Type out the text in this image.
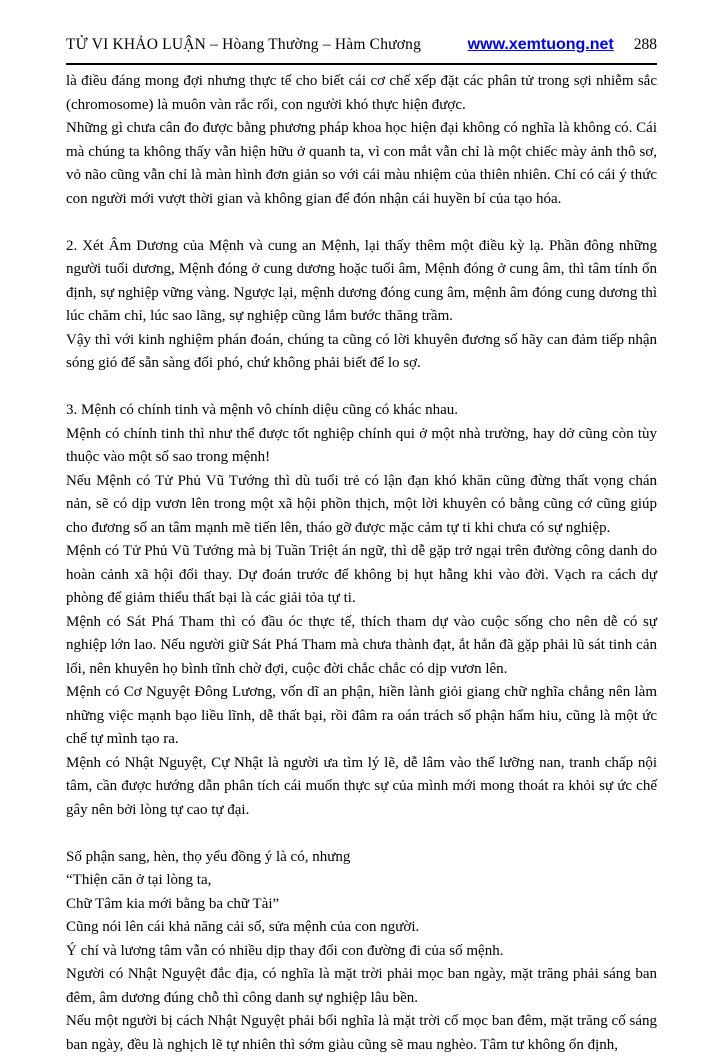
TỬ VI KHẢO LUẬN – Hòang Thường – Hàm Chương	www.xemtuong.net 288

là điều đáng mong đợi nhưng thực tế cho biết cái cơ chế xếp đặt các phân tử trong sợi nhiễm sắc (chromosome) là muôn vàn rắc rối, con người khó thực hiện được.

Những gì chưa cân đo được bằng phương pháp khoa học hiện đại không có nghĩa là không có. Cái mà chúng ta không thấy vẫn hiện hữu ở quanh ta, vì con mắt vẫn chỉ là một chiếc mày ảnh thô sơ, vỏ não cũng vẫn chỉ là màn hình đơn giản so với cái màu nhiệm của thiên nhiên. Chỉ có cái ý thức con người mới vượt thời gian và không gian để đón nhận cái huyền bí của tạo hóa.

2. Xét Âm Dương của Mệnh và cung an Mệnh, lại thấy thêm một điều kỳ lạ. Phần đông những người tuổi dương, Mệnh đóng ở cung dương hoặc tuổi âm, Mệnh đóng ở cung âm, thì tâm tính ổn định, sự nghiệp vững vàng. Ngược lại, mệnh dương đóng cung âm, mệnh âm đóng cung dương thì lúc chăm chỉ, lúc sao lãng, sự nghiệp cũng lắm bước thăng trầm.

Vậy thì với kinh nghiệm phán đoán, chúng ta cũng có lời khuyên đương số hãy can đảm tiếp nhận sóng gió để sẵn sàng đối phó, chứ không phải biết để lo sợ.

3. Mệnh có chính tinh và mệnh vô chính diệu cũng có khác nhau.

Mệnh có chính tinh thì như thể được tốt nghiệp chính qui ở một nhà trường, hay dở cũng còn tùy thuộc vào một số sao trong mệnh!

Nếu Mệnh có Tử Phủ Vũ Tướng thì dù tuổi trẻ có lận đạn khó khăn cũng đừng thất vọng chán nản, sẽ có dịp vươn lên trong một xã hội phồn thịch, một lời khuyên có bằng cũng cớ cũng giúp cho đương số an tâm mạnh mẽ tiến lên, tháo gỡ được mặc cảm tự ti khi chưa có sự nghiệp.

Mệnh có Tử Phủ Vũ Tướng mà bị Tuần Triệt án ngữ, thì dễ gặp trở ngại trên đường công danh do hoàn cảnh xã hội đổi thay. Dự đoán trước để không bị hụt hẫng khi vào đời. Vạch ra cách dự phòng để giảm thiểu thất bại là các giải tỏa tự ti.

Mệnh có Sát Phá Tham thì có đầu óc thực tế, thích tham dự vào cuộc sống cho nên dễ có sự nghiệp lớn lao. Nếu người giữ Sát Phá Tham mà chưa thành đạt, ắt hẳn đã gặp phải lũ sát tinh cản lối, nên khuyên họ bình tĩnh chờ đợi, cuộc đời chắc chắc có dịp vươn lên.

Mệnh có Cơ Nguyệt Đông Lương, vốn dĩ an phận, hiền lành giỏi giang chữ nghĩa chẳng nên làm những việc mạnh bạo liều lĩnh, dễ thất bại, rồi đâm ra oán trách số phận hẩm hiu, cũng là một ức chế tự mình tạo ra.

Mệnh có Nhật Nguyệt, Cự Nhật là người ưa tìm lý lẽ, dễ lâm vào thế lưỡng nan, tranh chấp nội tâm, cần được hướng dẫn phân tích cái muốn thực sự của mình mới mong thoát ra khỏi sự ức chế gây nên bởi lòng tự cao tự đại.

Số phận sang, hèn, thọ yểu đồng ý là có, nhưng

“Thiện căn ở tại lòng ta,

Chữ Tâm kia mới bằng ba chữ Tài”

Cũng nói lên cái khả năng cải số, sửa mệnh của con người.

Ý chí và lương tâm vẫn có nhiều dịp thay đổi con đường đi của số mệnh.

Người có Nhật Nguyệt đắc địa, có nghĩa là mặt trời phải mọc ban ngày, mặt trăng phải sáng ban đêm, âm dương đúng chỗ thì công danh sự nghiệp lâu bền.

Nếu một người bị cách Nhật Nguyệt phải bối nghĩa là mặt trời cố mọc ban đêm, mặt trăng cố sáng ban ngày, đều là nghịch lẽ tự nhiên thì sớm giàu cũng sẽ mau nghèo. Tâm tư không ổn định,
